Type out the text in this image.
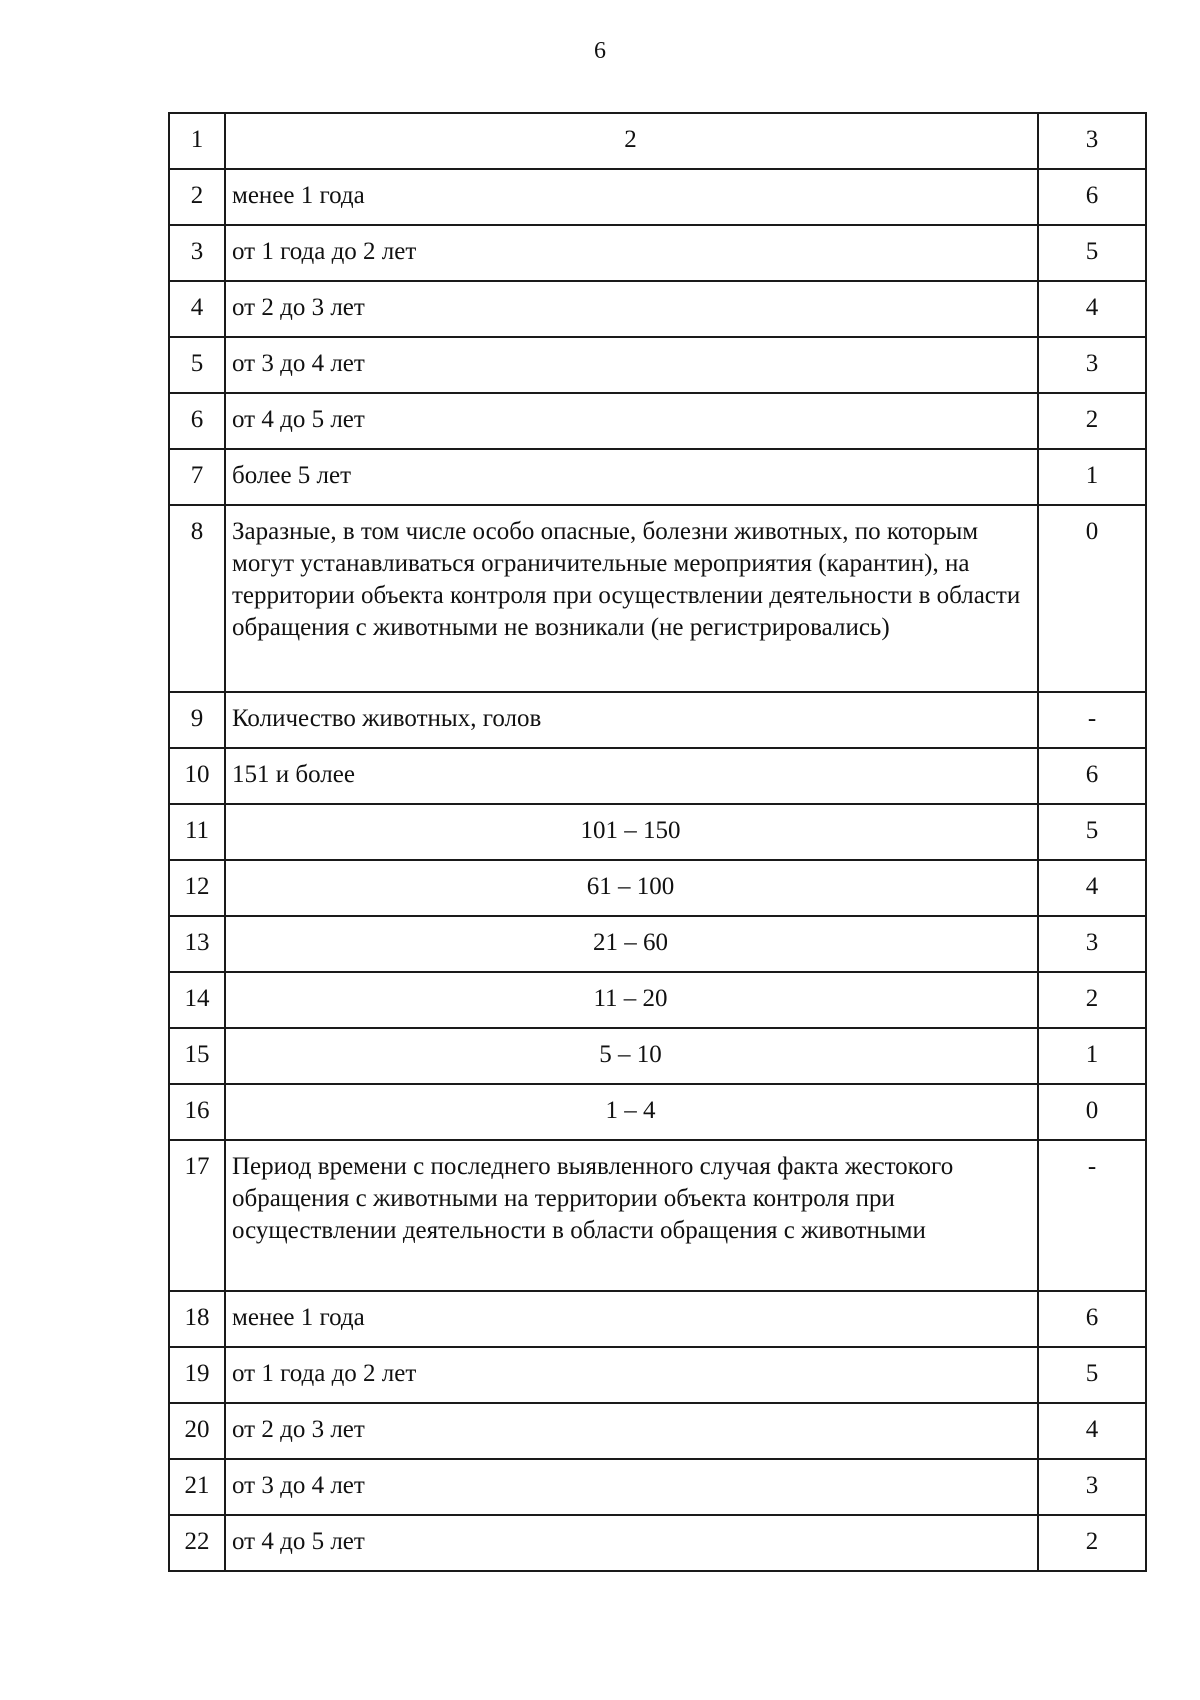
6
1	2	3
2	менее 1 года	6
3	от 1 года до 2 лет	5
4	от 2 до 3 лет	4
5	от 3 до 4 лет	3
6	от 4 до 5 лет	2
7	более 5 лет	1
8	Заразные, в том числе особо опасные, болезни животных, по которым могут устанавливаться ограничительные мероприятия (карантин), на территории объекта контроля при осуществлении деятельности в области обращения с животными не возникали (не регистрировались)	0
9	Количество животных, голов	-
10	151 и более	6
11	101 – 150	5
12	61 – 100	4
13	21 – 60	3
14	11 – 20	2
15	5 – 10	1
16	1 – 4	0
17	Период времени с последнего выявленного случая факта жестокого обращения с животными на территории объекта контроля при осуществлении деятельности в области обращения с животными	-
18	менее 1 года	6
19	от 1 года до 2 лет	5
20	от 2 до 3 лет	4
21	от 3 до 4 лет	3
22	от 4 до 5 лет	2
